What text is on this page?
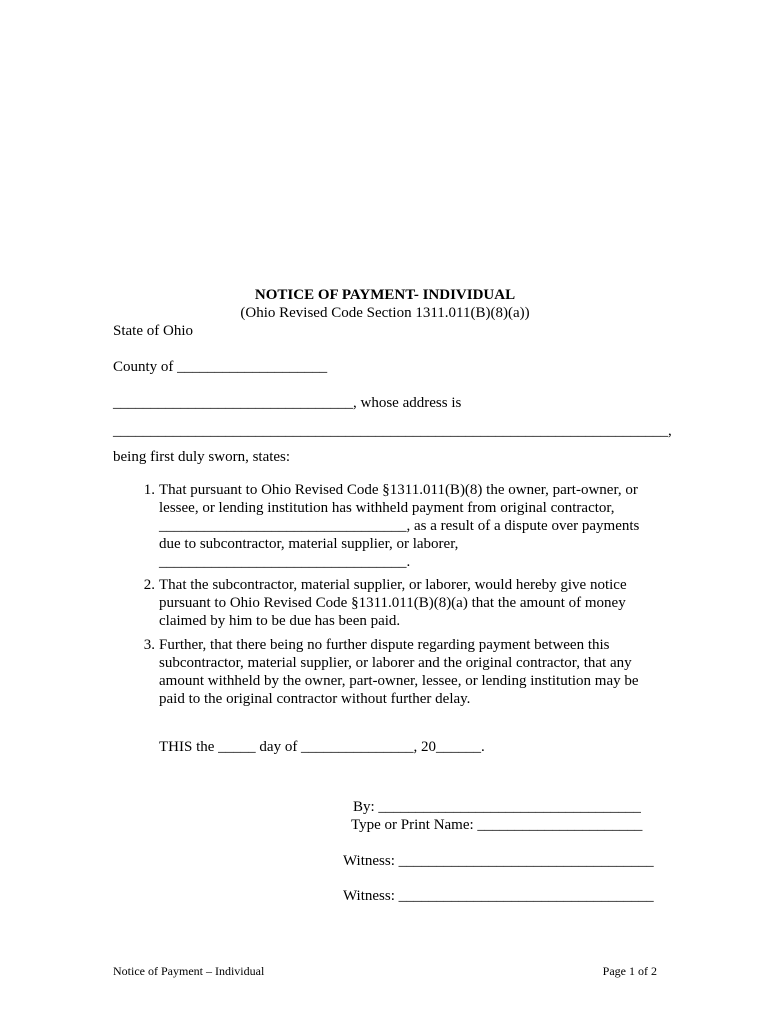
NOTICE OF PAYMENT- INDIVIDUAL
(Ohio Revised Code Section 1311.011(B)(8)(a))
State of Ohio
County of ____________________
________________________________, whose address is
__________________________________________________________________________,
being first duly sworn, states:
1. That pursuant to Ohio Revised Code §1311.011(B)(8) the owner, part-owner, or
lessee, or lending institution has withheld payment from original contractor,
_________________________________, as a result of a dispute over payments
due to subcontractor, material supplier, or laborer,
_________________________________.
2. That the subcontractor, material supplier, or laborer, would hereby give notice
pursuant to Ohio Revised Code §1311.011(B)(8)(a) that the amount of money
claimed by him to be due has been paid.
3. Further, that there being no further dispute regarding payment between this
subcontractor, material supplier, or laborer and the original contractor, that any
amount withheld by the owner, part-owner, lessee, or lending institution may be
paid to the original contractor without further delay.
THIS the _____ day of _______________, 20______.
By: ___________________________________
Type or Print Name: ______________________
Witness: __________________________________
Witness: __________________________________
Notice of Payment – Individual	Page 1 of 2
